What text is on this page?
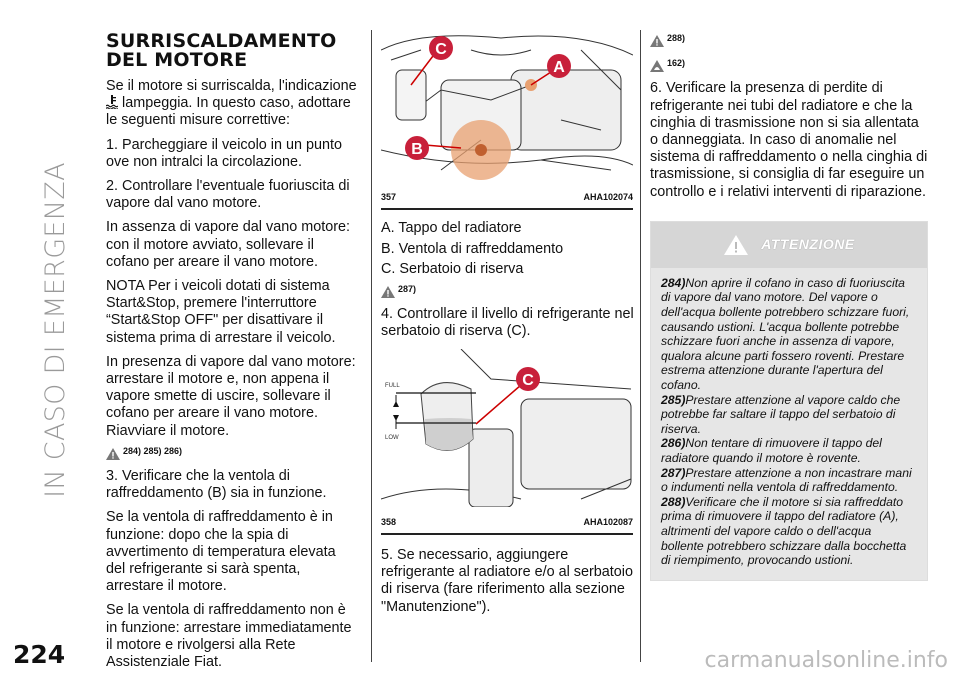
IN CASO DI EMERGENZA
SURRISCALDAMENTO
DEL MOTORE

Se il motore si surriscalda, l'indicazione  lampeggia. In questo caso, adottare le seguenti misure correttive:

1. Parcheggiare il veicolo in un punto ove non intralci la circolazione.

2. Controllare l'eventuale fuoriuscita di vapore dal vano motore.

In assenza di vapore dal vano motore: con il motore avviato, sollevare il cofano per areare il vano motore.

NOTA Per i veicoli dotati di sistema Start&Stop, premere l'interruttore “Start&Stop OFF" per disattivare il sistema prima di arrestare il veicolo.

In presenza di vapore dal vano motore: arrestare il motore e, non appena il vapore smette di uscire, sollevare il cofano per areare il vano motore. Riavviare il motore.

284) 285) 286)

3. Verificare che la ventola di raffreddamento (B) sia in funzione.

Se la ventola di raffreddamento è in funzione: dopo che la spia di avvertimento di temperatura elevata del refrigerante si sarà spenta, arrestare il motore.

Se la ventola di raffreddamento non è in funzione: arrestare immediatamente il motore e rivolgersi alla Rete Assistenziale Fiat.

A
B
C
357	AHA102074

A. Tappo del radiatore

B. Ventola di raffreddamento

C. Serbatoio di riserva

287)

4. Controllare il livello di refrigerante nel serbatoio di riserva (C).

FULL
LOW
C
358	AHA102087

5. Se necessario, aggiungere refrigerante al radiatore e/o al serbatoio di riserva (fare riferimento alla sezione "Manutenzione").

288)
162)

6. Verificare la presenza di perdite di refrigerante nei tubi del radiatore e che la cinghia di trasmissione non si sia allentata o danneggiata. In caso di anomalie nel sistema di raffreddamento o nella cinghia di trasmissione, si consiglia di far eseguire un controllo e i relativi interventi di riparazione.

ATTENZIONE

284)Non aprire il cofano in caso di fuoriuscita di vapore dal vano motore. Del vapore o dell'acqua bollente potrebbero schizzare fuori, causando ustioni. L'acqua bollente potrebbe schizzare fuori anche in assenza di vapore, qualora alcune parti fossero roventi. Prestare estrema attenzione durante l'apertura del cofano.

285)Prestare attenzione al vapore caldo che potrebbe far saltare il tappo del serbatoio di riserva.

286)Non tentare di rimuovere il tappo del radiatore quando il motore è rovente.

287)Prestare attenzione a non incastrare mani o indumenti nella ventola di raffreddamento.

288)Verificare che il motore si sia raffreddato prima di rimuovere il tappo del radiatore (A), altrimenti del vapore caldo o dell'acqua bollente potrebbero schizzare dalla bocchetta di riempimento, provocando ustioni.

224	carmanualsonline.info
